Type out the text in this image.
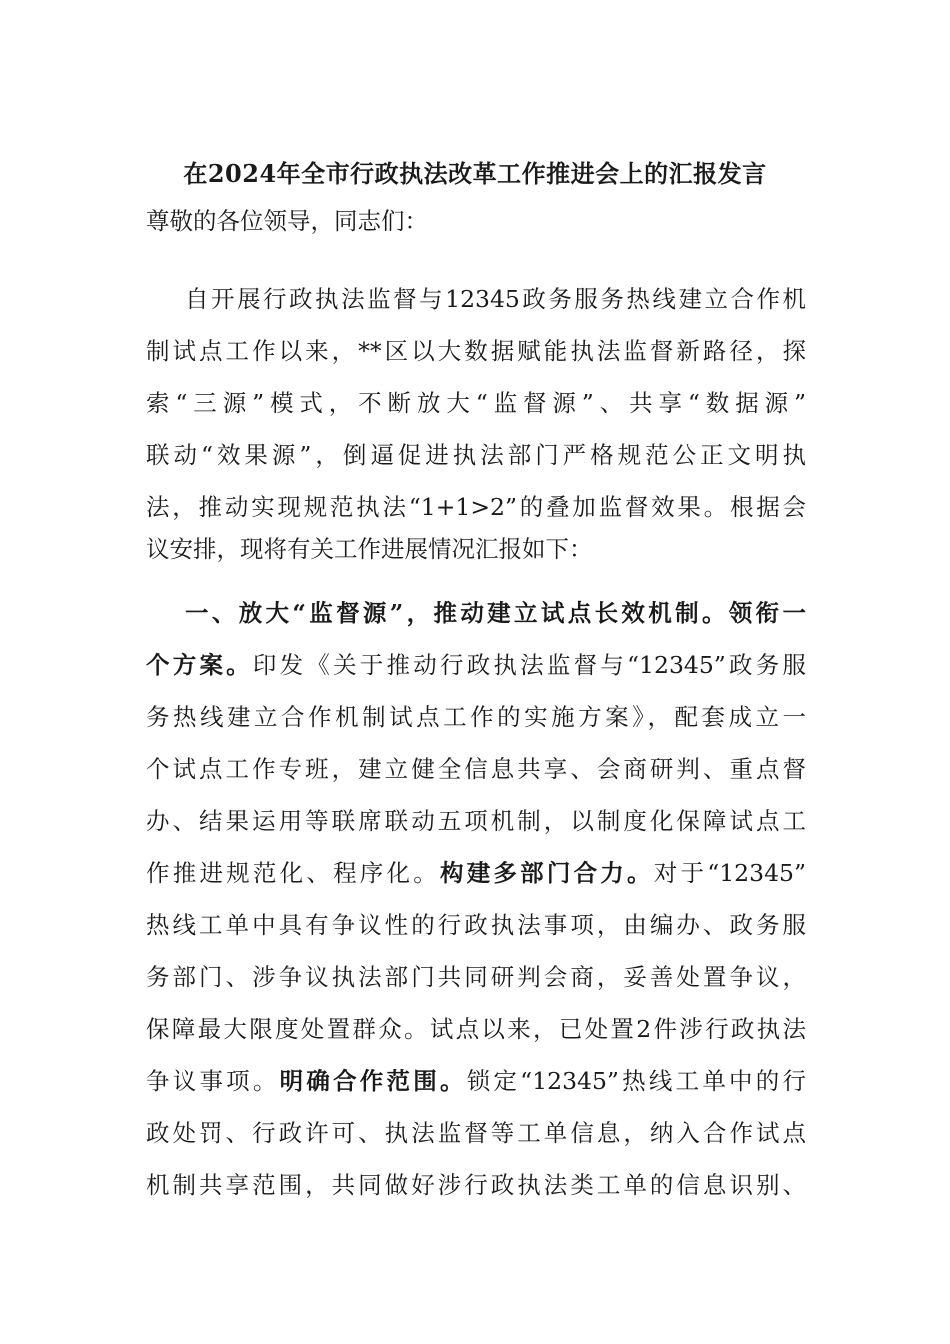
在2024年全市行政执法改革工作推进会上的汇报发言
尊敬的各位领导，同志们：
自开展行政执法监督与12345政务服务热线建立合作机
制试点工作以来，**区以大数据赋能执法监督新路径，探
索“三源”模式，不断放大“监督源”、共享“数据源”
联动“效果源”，倒逼促进执法部门严格规范公正文明执
法，推动实现规范执法“1+1>2”的叠加监督效果。根据会
议安排，现将有关工作进展情况汇报如下：
一、放大“监督源”，推动建立试点长效机制。领衔一
个方案。印发《关于推动行政执法监督与“12345”政务服
务热线建立合作机制试点工作的实施方案》，配套成立一
个试点工作专班，建立健全信息共享、会商研判、重点督
办、结果运用等联席联动五项机制，以制度化保障试点工
作推进规范化、程序化。构建多部门合力。对于“12345”
热线工单中具有争议性的行政执法事项，由编办、政务服
务部门、涉争议执法部门共同研判会商，妥善处置争议，
保障最大限度处置群众。试点以来，已处置2件涉行政执法
争议事项。明确合作范围。锁定“12345”热线工单中的行
政处罚、行政许可、执法监督等工单信息，纳入合作试点
机制共享范围，共同做好涉行政执法类工单的信息识别、
